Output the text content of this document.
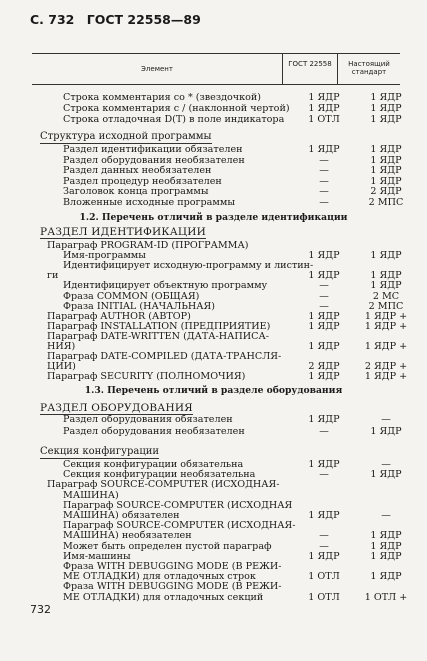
С. 732 ГОСТ 22558—89
Элемент
ГОСТ 22558	Настоящий стандарт
Строка комментария со * (звездочкой)	1 ЯДР	1 ЯДР
Строка комментария с / (наклонной чертой)	1 ЯДР	1 ЯДР
Строка отладочная D(T) в поле индикатора	1 ОТЛ	1 ЯДР
Структура исходной программы
Раздел идентификации обязателен	1 ЯДР	1 ЯДР
Раздел оборудования необязателен	—	1 ЯДР
Раздел данных необязателен	—	1 ЯДР
Раздел процедур необязателен	—	1 ЯДР
Заголовок конца программы	—	2 ЯДР
Вложенные исходные программы	—	2 МПС
1.2. Перечень отличий в разделе идентификации
РАЗДЕЛ ИДЕНТИФИКАЦИИ
Параграф PROGRAM-ID (ПРОГРАММА)
Имя-программы	1 ЯДР	1 ЯДР
Идентифицирует исходную-программу и листин-
ги	1 ЯДР	1 ЯДР
Идентифицирует объектную программу	—	1 ЯДР
Фраза COMMON (ОБЩАЯ)	—	2 МС
Фраза INITIAL (НАЧАЛЬНАЯ)	—	2 МПС
Параграф AUTHOR (АВТОР)	1 ЯДР	1 ЯДР +
Параграф INSTALLATION (ПРЕДПРИЯТИЕ)	1 ЯДР	1 ЯДР +
Параграф DATE-WRITTEN (ДАТА-НАПИСА-
НИЯ)	1 ЯДР	1 ЯДР +
Параграф DATE-COMPILED (ДАТА-ТРАНСЛЯ-
ЦИИ)	2 ЯДР	2 ЯДР +
Параграф SECURITY (ПОЛНОМОЧИЯ)	1 ЯДР	1 ЯДР +
1.3. Перечень отличий в разделе оборудования
РАЗДЕЛ ОБОРУДОВАНИЯ
Раздел оборудования обязателен	1 ЯДР	—
Раздел оборудования необязателен	—	1 ЯДР
Секция конфигурации
Секция конфигурации обязательна	1 ЯДР	—
Секция конфигурации необязательна	—	1 ЯДР
Параграф SOURCE-COMPUTER (ИСХОДНАЯ-
МАШИНА)
Параграф SOURCE-COMPUTER (ИСХОДНАЯ
МАШИНА) обязателен	1 ЯДР	—
Параграф SOURCE-COMPUTER (ИСХОДНАЯ-
МАШИНА) необязателен	—	1 ЯДР
Может быть определен пустой параграф	—	1 ЯДР
Имя-машины	1 ЯДР	1 ЯДР
Фраза WITH DEBUGGING MODE (В РЕЖИ-
МЕ ОТЛАДКИ) для отладочных строк	1 ОТЛ	1 ЯДР
Фраза WITH DEBUGGING MODE (В РЕЖИ-
МЕ ОТЛАДКИ) для отладочных секций	1 ОТЛ	1 ОТЛ +
732
